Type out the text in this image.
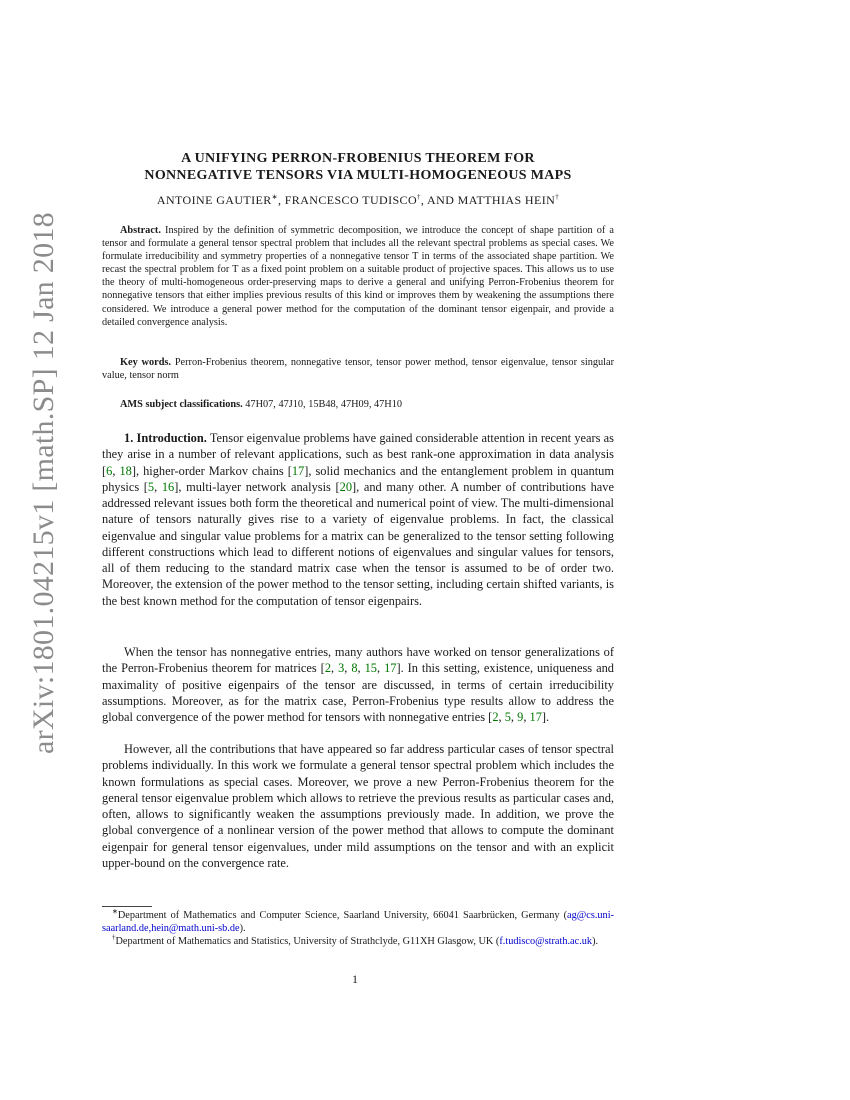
arXiv:1801.04215v1 [math.SP] 12 Jan 2018
A UNIFYING PERRON-FROBENIUS THEOREM FOR
NONNEGATIVE TENSORS VIA MULTI-HOMOGENEOUS MAPS
ANTOINE GAUTIER∗, FRANCESCO TUDISCO†, AND MATTHIAS HEIN†
Abstract. Inspired by the definition of symmetric decomposition, we introduce the concept of shape partition of a tensor and formulate a general tensor spectral problem that includes all the relevant spectral problems as special cases. We formulate irreducibility and symmetry properties of a nonnegative tensor T in terms of the associated shape partition. We recast the spectral problem for T as a fixed point problem on a suitable product of projective spaces. This allows us to use the theory of multi-homogeneous order-preserving maps to derive a general and unifying Perron-Frobenius theorem for nonnegative tensors that either implies previous results of this kind or improves them by weakening the assumptions there considered. We introduce a general power method for the computation of the dominant tensor eigenpair, and provide a detailed convergence analysis.
Key words. Perron-Frobenius theorem, nonnegative tensor, tensor power method, tensor eigenvalue, tensor singular value, tensor norm
AMS subject classifications. 47H07, 47J10, 15B48, 47H09, 47H10

1. Introduction. Tensor eigenvalue problems have gained considerable attention in recent years as they arise in a number of relevant applications, such as best rank-one approximation in data analysis [6, 18], higher-order Markov chains [17], solid mechanics and the entanglement problem in quantum physics [5, 16], multi-layer network analysis [20], and many other. A number of contributions have addressed relevant issues both form the theoretical and numerical point of view. The multi-dimensional nature of tensors naturally gives rise to a variety of eigenvalue problems. In fact, the classical eigenvalue and singular value problems for a matrix can be generalized to the tensor setting following different constructions which lead to different notions of eigenvalues and singular values for tensors, all of them reducing to the standard matrix case when the tensor is assumed to be of order two. Moreover, the extension of the power method to the tensor setting, including certain shifted variants, is the best known method for the computation of tensor eigenpairs.

When the tensor has nonnegative entries, many authors have worked on tensor generalizations of the Perron-Frobenius theorem for matrices [2, 3, 8, 15, 17]. In this setting, existence, uniqueness and maximality of positive eigenpairs of the tensor are discussed, in terms of certain irreducibility assumptions. Moreover, as for the matrix case, Perron-Frobenius type results allow to address the global convergence of the power method for tensors with nonnegative entries [2, 5, 9, 17].

However, all the contributions that have appeared so far address particular cases of tensor spectral problems individually. In this work we formulate a general tensor spectral problem which includes the known formulations as special cases. Moreover, we prove a new Perron-Frobenius theorem for the general tensor eigenvalue problem which allows to retrieve the previous results as particular cases and, often, allows to significantly weaken the assumptions previously made. In addition, we prove the global convergence of a nonlinear version of the power method that allows to compute the dominant eigenpair for general tensor eigenvalues, under mild assumptions on the tensor and with an explicit upper-bound on the convergence rate.

∗Department of Mathematics and Computer Science, Saarland University, 66041 Saarbrücken, Germany (ag@cs.uni-saarland.de,hein@math.uni-sb.de).
†Department of Mathematics and Statistics, University of Strathclyde, G11XH Glasgow, UK (f.tudisco@strath.ac.uk).
1
